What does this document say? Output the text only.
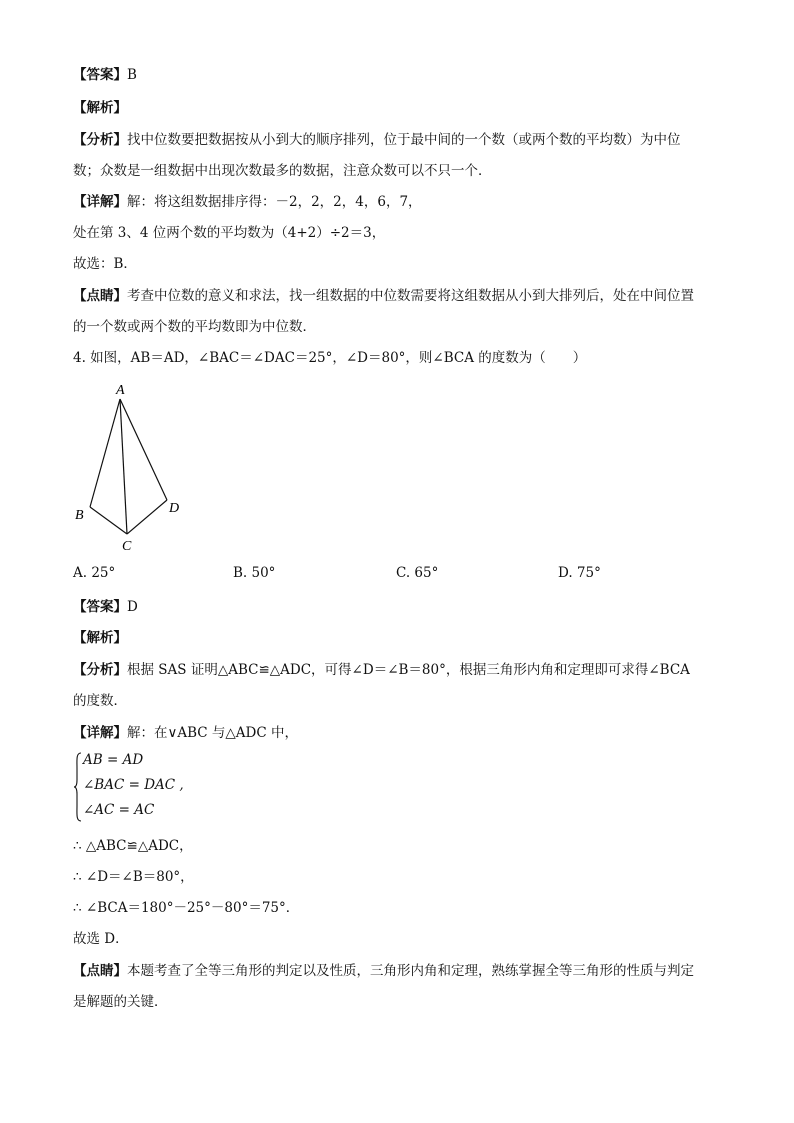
【答案】B
【解析】
【分析】找中位数要把数据按从小到大的顺序排列，位于最中间的一个数（或两个数的平均数）为中位
数；众数是一组数据中出现次数最多的数据，注意众数可以不只一个．
【详解】解：将这组数据排序得：－2，2，2，4，6，7，
处在第 3、4 位两个数的平均数为（4+2）÷2＝3，
故选：B．
【点睛】考查中位数的意义和求法，找一组数据的中位数需要将这组数据从小到大排列后，处在中间位置
的一个数或两个数的平均数即为中位数．
4. 如图，AB＝AD，∠BAC＝∠DAC＝25°，∠D＝80°，则∠BCA 的度数为（　　）
A
B
C
D
A. 25°	B. 50°	C. 65°	D. 75°
【答案】D
【解析】
【分析】根据 SAS 证明△ABC≌△ADC，可得∠D＝∠B＝80°，根据三角形内角和定理即可求得∠BCA
的度数．
【详解】解：在∨ABC 与△ADC 中，
AB = AD
∠BAC = DAC ,
∠AC = AC
∴ △ABC≌△ADC，
∴ ∠D＝∠B＝80°，
∴ ∠BCA＝180°－25°－80°＝75°．
故选 D．
【点睛】本题考查了全等三角形的判定以及性质，三角形内角和定理，熟练掌握全等三角形的性质与判定
是解题的关键．
